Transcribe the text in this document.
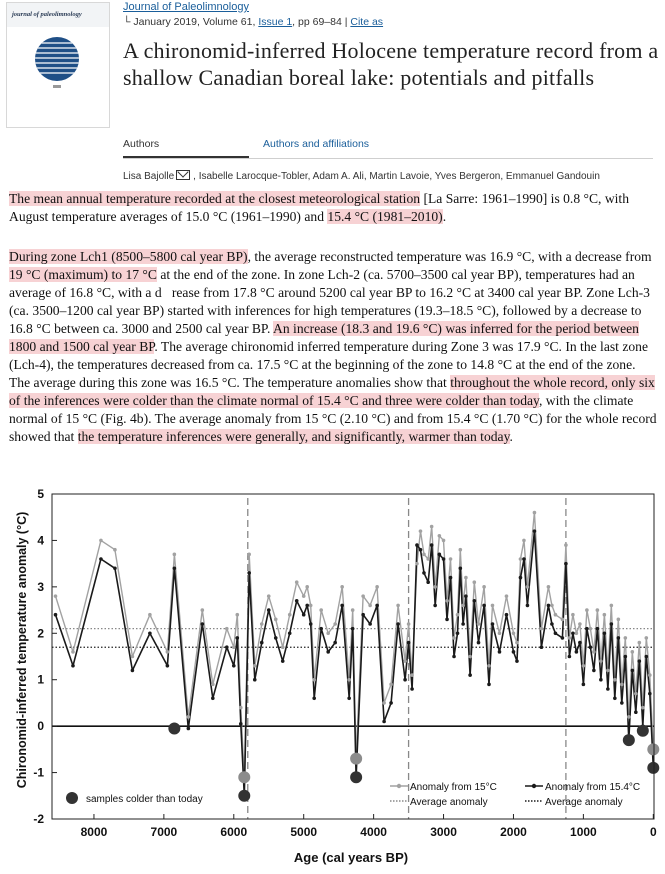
journal of paleolimnology
Journal of Paleolimnology
└ January 2019, Volume 61, Issue 1, pp 69–84 | Cite as
A chironomid-inferred Holocene temperature record from a shallow Canadian boreal lake: potentials and pitfalls
Authors	Authors and affiliations
Lisa Bajolle , Isabelle Larocque-Tobler, Adam A. Ali, Martin Lavoie, Yves Bergeron, Emmanuel Gandouin
The mean annual temperature recorded at the closest meteorological station [La Sarre: 1961–1990] is 0.8 °C, with August temperature averages of 15.0 °C (1961–1990) and 15.4 °C (1981–2010).
During zone Lch1 (8500–5800 cal year BP), the average reconstructed temperature was 16.9 °C, with a decrease from 19 °C (maximum) to 17 °C at the end of the zone. In zone Lch-2 (ca. 5700–3500 cal year BP), temperatures had an average of 16.8 °C, with a d   rease from 17.8 °C around 5200 cal year BP to 16.2 °C at 3400 cal year BP. Zone Lch-3 (ca. 3500–1200 cal year BP) started with inferences for high temperatures (19.3–18.5 °C), followed by a decrease to 16.8 °C between ca. 3000 and 2500 cal year BP. An increase (18.3 and 19.6 °C) was inferred for the period between 1800 and 1500 cal year BP. The average chironomid inferred temperature during Zone 3 was 17.9 °C. In the last zone (Lch-4), the temperatures decreased from ca. 17.5 °C at the beginning of the zone to 14.8 °C at the end of the zone. The average during this zone was 16.5 °C. The temperature anomalies show that throughout the whole record, only six of the inferences were colder than the climate normal of 15.4 °C and three were colder than today, with the climate normal of 15 °C (Fig. 4b). The average anomaly from 15 °C (2.10 °C) and from 15.4 °C (1.70 °C) for the whole record showed that the temperature inferences were generally, and significantly, warmer than today.
-2
-1
0
1
2
3
4
5
8000	7000	6000	5000	4000	3000	2000	1000	0
Chironomid-inferred temperature anomaly (°C)
Age (cal years BP)
samples colder than today
Anomaly from 15°C
Average anomaly
Anomaly from 15.4°C
Average anomaly
